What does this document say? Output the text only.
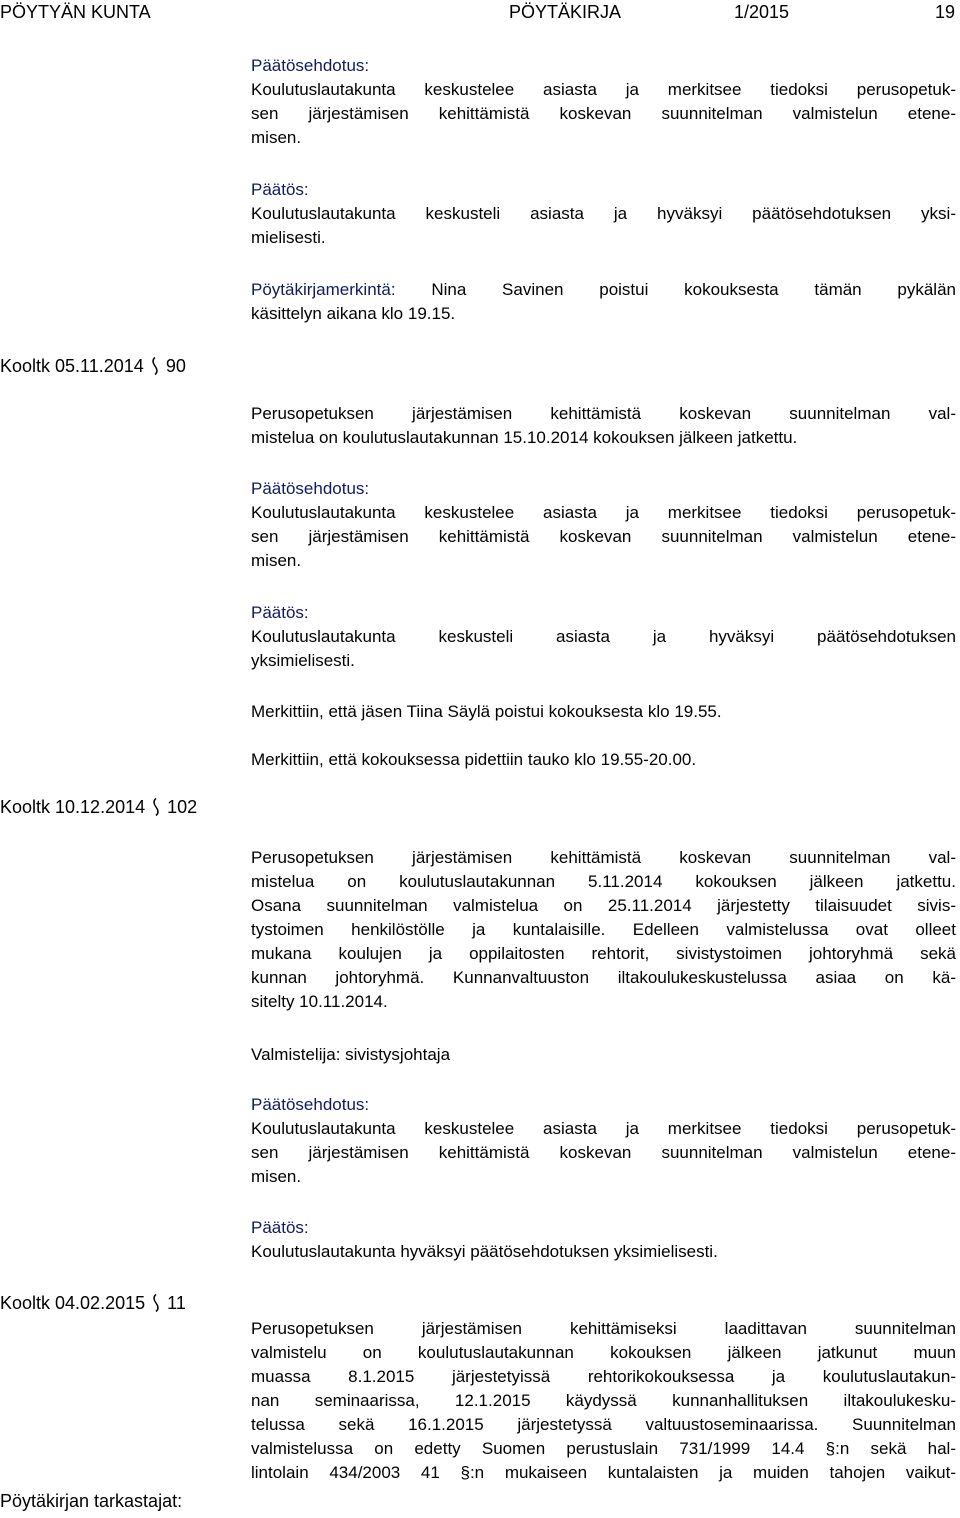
PÖYTYÄN KUNTA	PÖYTÄKIRJA	1/2015	19
Päätösehdotus:
Koulutuslautakunta keskustelee asiasta ja merkitsee tiedoksi perusopetuk-
sen järjestämisen kehittämistä koskevan suunnitelman valmistelun etene-
misen.
Päätös:
Koulutuslautakunta keskusteli asiasta ja hyväksyi päätösehdotuksen yksi-
mielisesti.
Pöytäkirjamerkintä: Nina Savinen poistui kokouksesta tämän pykälän
käsittelyn aikana klo 19.15.
Kooltk 05.11.2014 90
Perusopetuksen järjestämisen kehittämistä koskevan suunnitelman val-
mistelua on koulutuslautakunnan 15.10.2014 kokouksen jälkeen jatkettu.
Päätösehdotus:
Koulutuslautakunta keskustelee asiasta ja merkitsee tiedoksi perusopetuk-
sen järjestämisen kehittämistä koskevan suunnitelman valmistelun etene-
misen.
Päätös:
Koulutuslautakunta keskusteli asiasta ja hyväksyi päätösehdotuksen
yksimielisesti.
Merkittiin, että jäsen Tiina Säylä poistui kokouksesta klo 19.55.
Merkittiin, että kokouksessa pidettiin tauko klo 19.55-20.00.
Kooltk 10.12.2014 102
Perusopetuksen järjestämisen kehittämistä koskevan suunnitelman val-
mistelua on koulutuslautakunnan 5.11.2014 kokouksen jälkeen jatkettu.
Osana suunnitelman valmistelua on 25.11.2014 järjestetty tilaisuudet sivis-
tystoimen henkilöstölle ja kuntalaisille. Edelleen valmistelussa ovat olleet
mukana koulujen ja oppilaitosten rehtorit, sivistystoimen johtoryhmä sekä
kunnan johtoryhmä. Kunnanvaltuuston iltakoulukeskustelussa asiaa on kä-
sitelty 10.11.2014.
Valmistelija: sivistysjohtaja
Päätösehdotus:
Koulutuslautakunta keskustelee asiasta ja merkitsee tiedoksi perusopetuk-
sen järjestämisen kehittämistä koskevan suunnitelman valmistelun etene-
misen.
Päätös:
Koulutuslautakunta hyväksyi päätösehdotuksen yksimielisesti.
Kooltk 04.02.2015 11
Perusopetuksen järjestämisen kehittämiseksi laadittavan suunnitelman
valmistelu on koulutuslautakunnan kokouksen jälkeen jatkunut muun
muassa 8.1.2015 järjestetyissä rehtorikokouksessa ja koulutuslautakun-
nan seminaarissa, 12.1.2015 käydyssä kunnanhallituksen iltakoulukesku-
telussa sekä 16.1.2015 järjestetyssä valtuustoseminaarissa. Suunnitelman
valmistelussa on edetty Suomen perustuslain 731/1999 14.4 §:n sekä hal-
lintolain 434/2003 41 §:n mukaiseen kuntalaisten ja muiden tahojen vaikut-
Pöytäkirjan tarkastajat:
